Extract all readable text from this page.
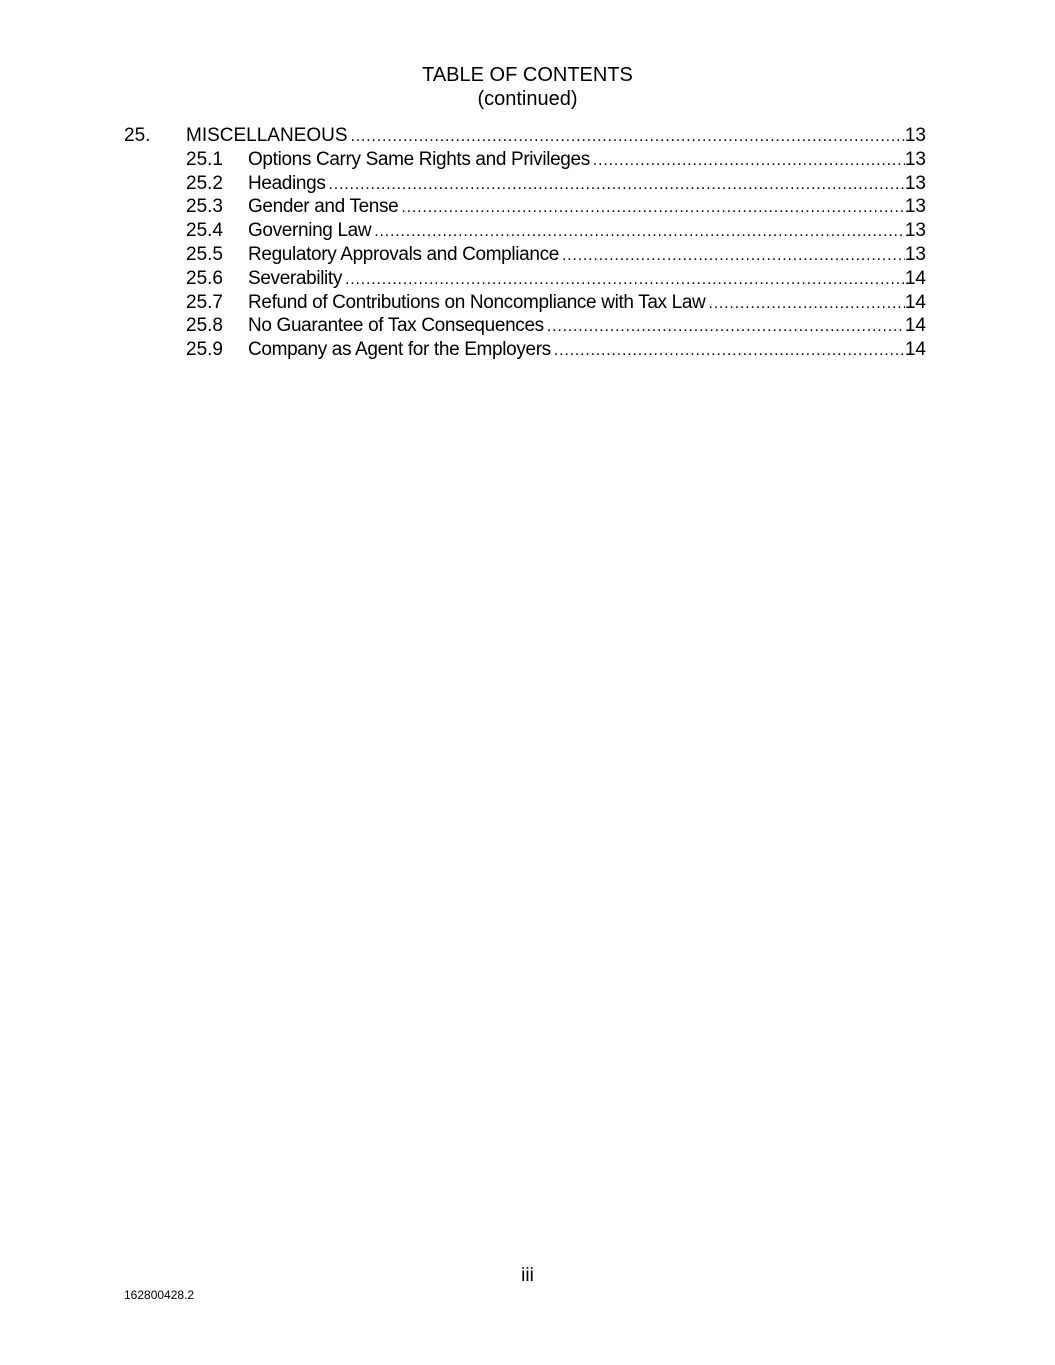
TABLE OF CONTENTS
(continued)
25. MISCELLANEOUS .....	13
25.1 Options Carry Same Rights and Privileges .....	13
25.2 Headings .....	13
25.3 Gender and Tense .....	13
25.4 Governing Law .....	13
25.5 Regulatory Approvals and Compliance .....	13
25.6 Severability .....	14
25.7 Refund of Contributions on Noncompliance with Tax Law .....	14
25.8 No Guarantee of Tax Consequences .....	14
25.9 Company as Agent for the Employers .....	14
iii
162800428.2
